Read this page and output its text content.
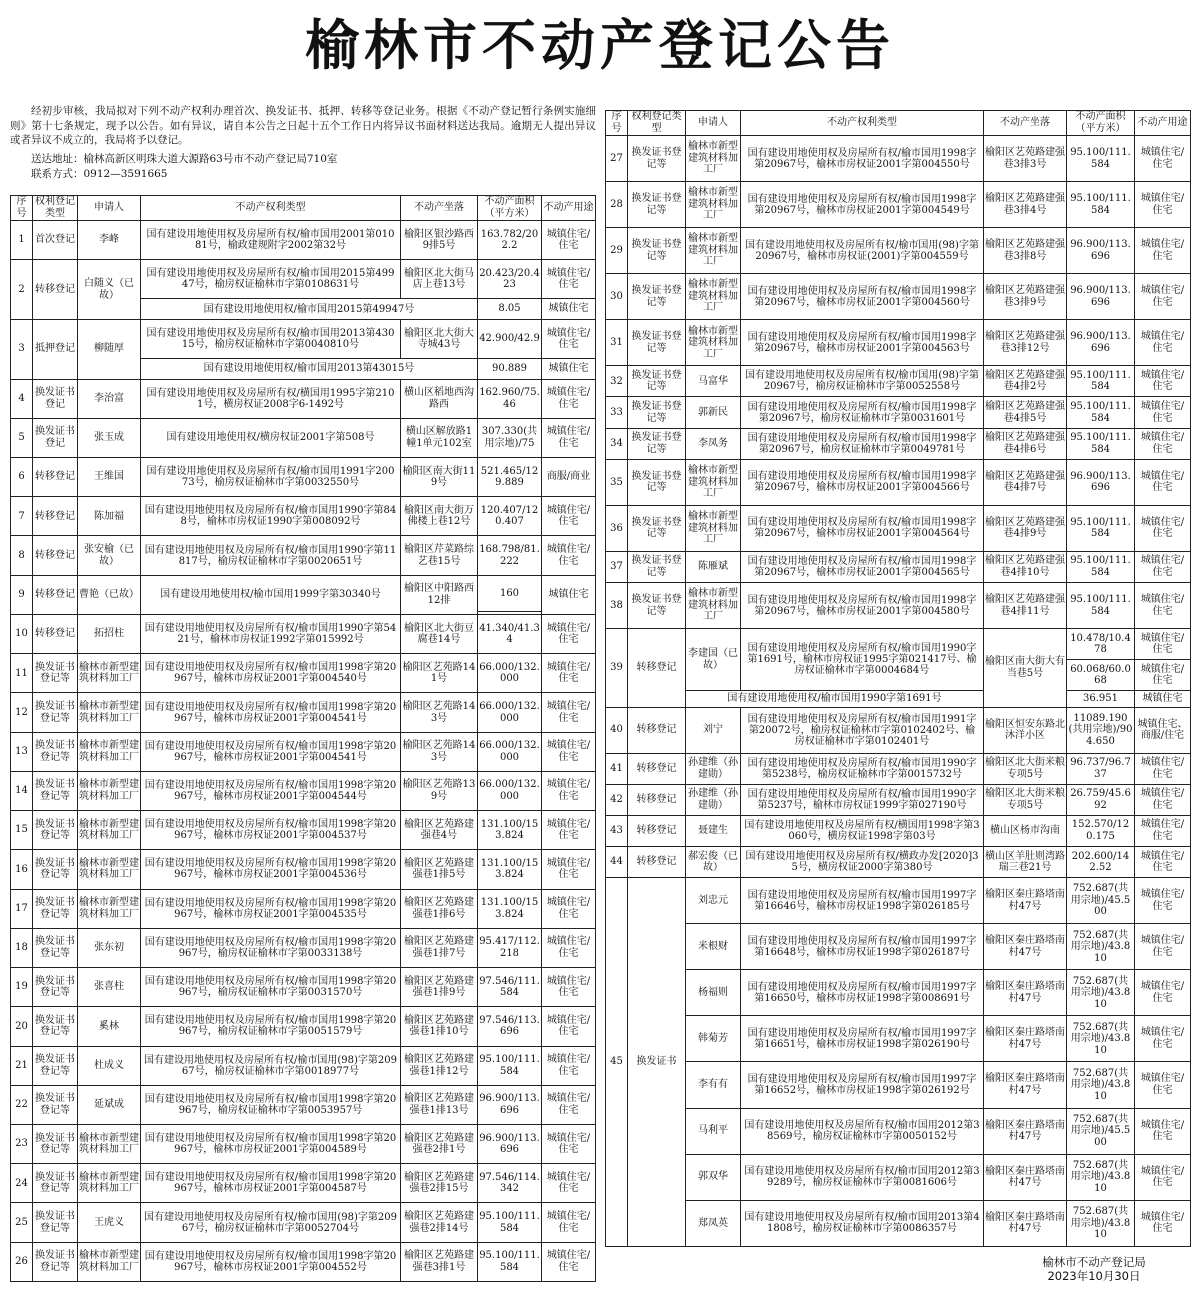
榆林市不动产登记公告
经初步审核，我局拟对下列不动产权利办理首次、换发证书、抵押、转移等登记业务。根据《不动产登记暂行条例实施细则》第十七条规定，现予以公告。如有异议，请自本公告之日起十五个工作日内将异议书面材料送达我局。逾期无人提出异议或者异议不成立的，我局将予以登记。
送达地址：榆林高新区明珠大道大源路63号市不动产登记局710室
联系方式：0912—3591665
序号	权利登记类型	申请人	不动产权利类型	不动产坐落	不动产面积（平方米）	不动产用途
1	首次登记	李峰	国有建设用地使用权及房屋所有权/榆市国用2001第01081号，榆政建规附字2002第32号	榆阳区银沙路西9排5号	163.782/202.2	城镇住宅/住宅
2	转移登记	白随义（已故）	国有建设用地使用权及房屋所有权/榆市国用2015第49947号，榆房权证榆林市字第0108631号	榆阳区北大街马店上巷13号	20.423/20.423	城镇住宅/住宅
			国有建设用地使用权/榆市国用2015第49947号		8.05	城镇住宅
3	抵押登记	柳随厚	国有建设用地使用权及房屋所有权/榆市国用2013第43015号，榆房权证榆林市字第0040810号	榆阳区北大街大寺城43号	42.900/42.9	城镇住宅/住宅
			国有建设用地使用权/榆市国用2013第43015号		90.889	城镇住宅
4	换发证书登记	李治富	国有建设用地使用权及房屋所有权/横国用1995字第2101号，横房权证2008字6-1492号	横山区稻地西沟路西	162.960/75.46	城镇住宅/住宅
5	换发证书登记	张玉成	国有建设用地使用权/横房权证2001字第508号	横山区解放路1幢1单元102室	307.330(共用宗地)/75	城镇住宅/住宅
6	转移登记	王维国	国有建设用地使用权及房屋所有权/榆市国用1991字20073号，榆房权证榆林市字第0032550号	榆阳区南大街119号	521.465/129.889	商服/商业
7	转移登记	陈加福	国有建设用地使用权及房屋所有权/榆市国用1990字第848号，榆林市房权证1990字第008092号	榆阳区南大街万佛楼上巷12号	120.407/120.407	城镇住宅/住宅
8	转移登记	张安榆（已故）	国有建设用地使用权及房屋所有权/榆市国用1990字第11817号，榆房权证榆林市字第0020651号	榆阳区芹菜路综艺巷15号	168.798/81.222	城镇住宅/住宅
9	转移登记	曹艳（已故）	国有建设用地使用权/榆市国用1999字第30340号	榆阳区中阳路西12排	160	城镇住宅

10	转移登记	拓招柱	国有建设用地使用权及房屋所有权/榆市国用1990字第5421号，榆林市房权证1992字第015992号	榆阳区北大街豆腐巷14号	41.340/41.34	城镇住宅/住宅
11	换发证书登记等	榆林市新型建筑材料加工厂	国有建设用地使用权及房屋所有权/榆市国用1998字第20967号，榆林市房权证2001字第004540号	榆阳区艺苑路141号	66.000/132.000	城镇住宅/住宅
12	换发证书登记等	榆林市新型建筑材料加工厂	国有建设用地使用权及房屋所有权/榆市国用1998字第20967号，榆林市房权证2001字第004541号	榆阳区艺苑路143号	66.000/132.000	城镇住宅/住宅
13	换发证书登记等	榆林市新型建筑材料加工厂	国有建设用地使用权及房屋所有权/榆市国用1998字第20967号，榆林市房权证2001字第004541号	榆阳区艺苑路143号	66.000/132.000	城镇住宅/住宅
14	换发证书登记等	榆林市新型建筑材料加工厂	国有建设用地使用权及房屋所有权/榆市国用1998字第20967号，榆林市房权证2001字第004544号	榆阳区艺苑路139号	66.000/132.000	城镇住宅/住宅
15	换发证书登记等	榆林市新型建筑材料加工厂	国有建设用地使用权及房屋所有权/榆市国用1998字第20967号，榆林市房权证2001字第004537号	榆阳区艺苑路建强巷4号	131.100/153.824	城镇住宅/住宅
16	换发证书登记等	榆林市新型建筑材料加工厂	国有建设用地使用权及房屋所有权/榆市国用1998字第20967号，榆林市房权证2001字第004536号	榆阳区艺苑路建强巷1排5号	131.100/153.824	城镇住宅/住宅
17	换发证书登记等	榆林市新型建筑材料加工厂	国有建设用地使用权及房屋所有权/榆市国用1998字第20967号，榆林市房权证2001字第004535号	榆阳区艺苑路建强巷1排6号	131.100/153.824	城镇住宅/住宅
18	换发证书登记等	张东初	国有建设用地使用权及房屋所有权/榆市国用1998字第20967号，榆房权证榆林市字第0033138号	榆阳区艺苑路建强巷1排7号	95.417/112.218	城镇住宅/住宅
19	换发证书登记等	张喜柱	国有建设用地使用权及房屋所有权/榆市国用1998字第20967号，榆房权证榆林市字第0031570号	榆阳区艺苑路建强巷1排9号	97.546/111.584	城镇住宅/住宅
20	换发证书登记等	奚林	国有建设用地使用权及房屋所有权/榆市国用1998字第20967号，榆房权证榆林市字第0051579号	榆阳区艺苑路建强巷1排10号	97.546/113.696	城镇住宅/住宅
21	换发证书登记等	杜成义	国有建设用地使用权及房屋所有权/榆市国用(98)字第20967号，榆房权证榆林市字第0018977号	榆阳区艺苑路建强巷1排12号	95.100/111.584	城镇住宅/住宅
22	换发证书登记等	延斌成	国有建设用地使用权及房屋所有权/榆市国用1998字第20967号，榆房权证榆林市字第0053957号	榆阳区艺苑路建强巷1排13号	96.900/113.696	城镇住宅/住宅
23	换发证书登记等	榆林市新型建筑材料加工厂	国有建设用地使用权及房屋所有权/榆市国用1998字第20967号，榆林市房权证2001字第004589号	榆阳区艺苑路建强巷2排1号	96.900/113.696	城镇住宅/住宅
24	换发证书登记等	榆林市新型建筑材料加工厂	国有建设用地使用权及房屋所有权/榆市国用1998字第20967号，榆林市房权证2001字第004587号	榆阳区艺苑路建强巷2排15号	97.546/114.342	城镇住宅/住宅
25	换发证书登记等	王虎义	国有建设用地使用权及房屋所有权/榆市国用(98)字第20967号，榆房权证榆林市字第0052704号	榆阳区艺苑路建强巷2排14号	95.100/111.584	城镇住宅/住宅
26	换发证书登记等	榆林市新型建筑材料加工厂	国有建设用地使用权及房屋所有权/榆市国用1998字第20967号，榆林市房权证2001字第004552号	榆阳区艺苑路建强巷3排1号	95.100/111.584	城镇住宅/住宅
序号	权利登记类型	申请人	不动产权利类型	不动产坐落	不动产面积（平方米）	不动产用途
27	换发证书登记等	榆林市新型建筑材料加工厂	国有建设用地使用权及房屋所有权/榆市国用1998字第20967号，榆林市房权证2001字第004550号	榆阳区艺苑路建强巷3排3号	95.100/111.584	城镇住宅/住宅
28	换发证书登记等	榆林市新型建筑材料加工厂	国有建设用地使用权及房屋所有权/榆市国用1998字第20967号，榆林市房权证2001字第004549号	榆阳区艺苑路建强巷3排4号	95.100/111.584	城镇住宅/住宅
29	换发证书登记等	榆林市新型建筑材料加工厂	国有建设用地使用权及房屋所有权/榆市国用(98)字第20967号，榆林市房权证(2001)字第004559号	榆阳区艺苑路建强巷3排8号	96.900/113.696	城镇住宅/住宅
30	换发证书登记等	榆林市新型建筑材料加工厂	国有建设用地使用权及房屋所有权/榆市国用1998字第20967号，榆林市房权证2001字第004560号	榆阳区艺苑路建强巷3排9号	96.900/113.696	城镇住宅/住宅
31	换发证书登记等	榆林市新型建筑材料加工厂	国有建设用地使用权及房屋所有权/榆市国用1998字第20967号，榆林市房权证2001字第004563号	榆阳区艺苑路建强巷3排12号	96.900/113.696	城镇住宅/住宅
32	换发证书登记等	马富华	国有建设用地使用权及房屋所有权/榆市国用(98)字第20967号，榆房权证榆林市字第0052558号	榆阳区艺苑路建强巷4排2号	95.100/111.584	城镇住宅/住宅
33	换发证书登记等	郭新民	国有建设用地使用权及房屋所有权/榆市国用1998字第20967号，榆房权证榆林市字第0031601号	榆阳区艺苑路建强巷4排5号	95.100/111.584	城镇住宅/住宅
34	换发证书登记等	李凤务	国有建设用地使用权及房屋所有权/榆市国用1998字第20967号，榆房权证榆林市字第0049781号	榆阳区艺苑路建强巷4排6号	95.100/111.584	城镇住宅/住宅
35	换发证书登记等	榆林市新型建筑材料加工厂	国有建设用地使用权及房屋所有权/榆市国用1998字第20967号，榆林市房权证2001字第004566号	榆阳区艺苑路建强巷4排7号	96.900/113.696	城镇住宅/住宅
36	换发证书登记等	榆林市新型建筑材料加工厂	国有建设用地使用权及房屋所有权/榆市国用1998字第20967号，榆林市房权证2001字第004564号	榆阳区艺苑路建强巷4排9号	95.100/111.584	城镇住宅/住宅
37	换发证书登记等	陈雁斌	国有建设用地使用权及房屋所有权/榆市国用1998字第20967号，榆林市房权证2001字第004565号	榆阳区艺苑路建强巷4排10号	95.100/111.584	城镇住宅/住宅
38	换发证书登记等	榆林市新型建筑材料加工厂	国有建设用地使用权及房屋所有权/榆市国用1998字第20967号，榆林市房权证2001字第004580号	榆阳区艺苑路建强巷4排11号	95.100/111.584	城镇住宅/住宅
39	转移登记	李建国（已故）	国有建设用地使用权及房屋所有权/榆市国用1990字第1691号，榆林市房权证1995字第021417号、榆房权证榆林市字第0004684号	榆阳区南大街大有当巷5号	10.478/10.478	城镇住宅/住宅
					60.068/60.068	城镇住宅/住宅
		国有建设用地使用权/榆市国用1990字第1691号			36.951	城镇住宅
40	转移登记	刘宁	国有建设用地使用权及房屋所有权/榆市国用1991字第20072号，榆房权证榆林市字第0102402号、榆房权证榆林市字第0102401号	榆阳区恒安东路北沐洋小区	11089.190(共用宗地)/904.650	城镇住宅、商服/住宅
41	转移登记	孙建维（孙建勋）	国有建设用地使用权及房屋所有权/榆市国用1990字第5238号，榆房权证榆林市字第0015732号	榆阳区北大街米粮专项5号	96.737/96.737	城镇住宅/住宅
42	转移登记	孙建维（孙建勋）	国有建设用地使用权及房屋所有权/榆市国用1990字第5237号，榆林市房权证1999字第027190号	榆阳区北大街米粮专项5号	26.759/45.692	城镇住宅/住宅
43	转移登记	聂建生	国有建设用地使用权及房屋所有权/横国用1998字第3060号，横房权证1998字第03号	横山区杨市沟南	152.570/120.175	城镇住宅/住宅
44	转移登记	郝宏俊（已故）	国有建设用地使用权及房屋所有权/横政办发[2020]35号，横房权证2000字第380号	横山区羊肚则湾路瑞三巷21号	202.600/142.52	城镇住宅/住宅
45	换发证书	刘忠元	国有建设用地使用权及房屋所有权/榆市国用1997字第16646号，榆林市房权证1998字第026185号	榆阳区秦庄路塔南村47号	752.687(共用宗地)/45.500	城镇住宅/住宅
		米根财	国有建设用地使用权及房屋所有权/榆市国用1997字第16648号，榆林市房权证1998字第026187号	榆阳区秦庄路塔南村47号	752.687(共用宗地)/43.810	城镇住宅/住宅
		杨福则	国有建设用地使用权及房屋所有权/榆市国用1997字第16650号，榆林市房权证1998字第008691号	榆阳区秦庄路塔南村47号	752.687(共用宗地)/43.810	城镇住宅/住宅
		韩菊芳	国有建设用地使用权及房屋所有权/榆市国用1997字第16651号，榆林市房权证1998字第026190号	榆阳区秦庄路塔南村47号	752.687(共用宗地)/43.810	城镇住宅/住宅
		李有有	国有建设用地使用权及房屋所有权/榆市国用1997字第16652号，榆林市房权证1998字第026192号	榆阳区秦庄路塔南村47号	752.687(共用宗地)/43.810	城镇住宅/住宅
		马利平	国有建设用地使用权及房屋所有权/榆市国用2012第38569号，榆房权证榆林市字第0050152号	榆阳区秦庄路塔南村47号	752.687(共用宗地)/45.500	城镇住宅/住宅
		郭双华	国有建设用地使用权及房屋所有权/榆市国用2012第39289号，榆房权证榆林市字第0081606号	榆阳区秦庄路塔南村47号	752.687(共用宗地)/43.810	城镇住宅/住宅
		郑凤英	国有建设用地使用权及房屋所有权/榆市国用2013第41808号，榆房权证榆林市字第0086357号	榆阳区秦庄路塔南村47号	752.687(共用宗地)/43.810	城镇住宅/住宅
榆林市不动产登记局
2023年10月30日
